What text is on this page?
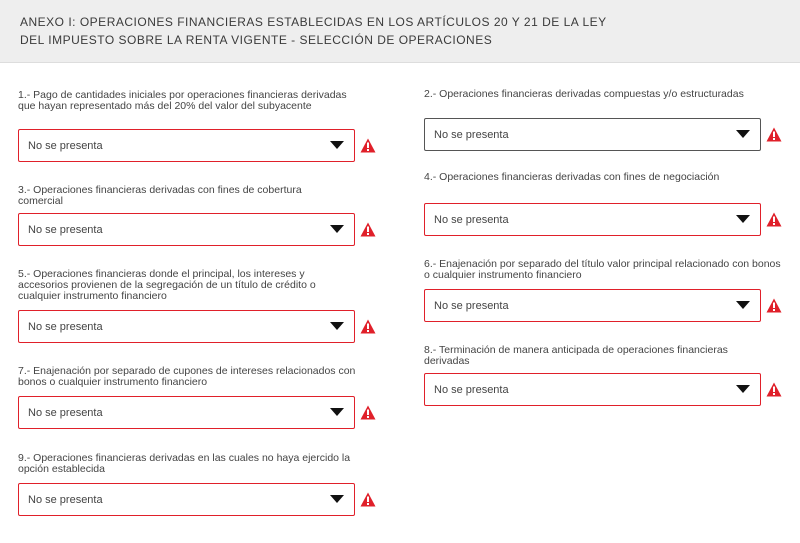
ANEXO I: OPERACIONES FINANCIERAS ESTABLECIDAS EN LOS ARTÍCULOS 20 Y 21 DE LA LEY
DEL IMPUESTO SOBRE LA RENTA VIGENTE - SELECCIÓN DE OPERACIONES

1.- Pago de cantidades iniciales por operaciones financieras derivadas que hayan representado más del 20% del valor del subyacente

No se presenta

2.- Operaciones financieras derivadas compuestas y/o estructuradas

No se presenta

3.- Operaciones financieras derivadas con fines de cobertura comercial

No se presenta

4.- Operaciones financieras derivadas con fines de negociación

No se presenta

5.- Operaciones financieras donde el principal, los intereses y accesorios provienen de la segregación de un título de crédito o cualquier instrumento financiero

No se presenta

6.- Enajenación por separado del título valor principal relacionado con bonos o cualquier instrumento financiero

No se presenta

7.- Enajenación por separado de cupones de intereses relacionados con bonos o cualquier instrumento financiero

No se presenta

8.- Terminación de manera anticipada de operaciones financieras derivadas

No se presenta

9.- Operaciones financieras derivadas en las cuales no haya ejercido la opción establecida

No se presenta
